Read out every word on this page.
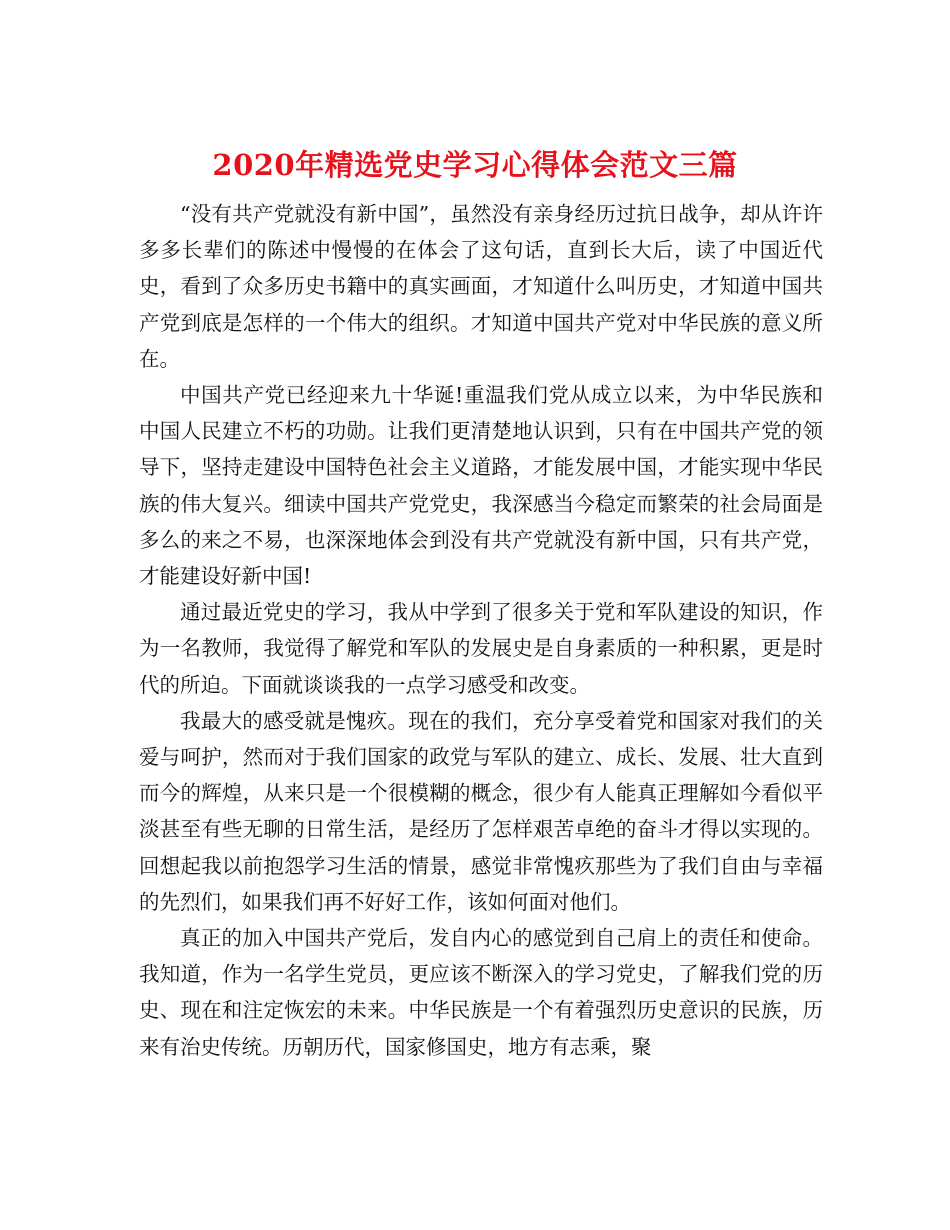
2020年精选党史学习心得体会范文三篇

“没有共产党就没有新中国”，虽然没有亲身经历过抗日战争，却从许许多多长辈们的陈述中慢慢的在体会了这句话，直到长大后，读了中国近代史，看到了众多历史书籍中的真实画面，才知道什么叫历史，才知道中国共产党到底是怎样的一个伟大的组织。才知道中国共产党对中华民族的意义所在。

中国共产党已经迎来九十华诞!重温我们党从成立以来，为中华民族和中国人民建立不朽的功勋。让我们更清楚地认识到，只有在中国共产党的领导下，坚持走建设中国特色社会主义道路，才能发展中国，才能实现中华民族的伟大复兴。细读中国共产党党史，我深感当今稳定而繁荣的社会局面是多么的来之不易，也深深地体会到没有共产党就没有新中国，只有共产党，才能建设好新中国!

通过最近党史的学习，我从中学到了很多关于党和军队建设的知识，作为一名教师，我觉得了解党和军队的发展史是自身素质的一种积累，更是时代的所迫。下面就谈谈我的一点学习感受和改变。

我最大的感受就是愧疚。现在的我们，充分享受着党和国家对我们的关爱与呵护，然而对于我们国家的政党与军队的建立、成长、发展、壮大直到而今的辉煌，从来只是一个很模糊的概念，很少有人能真正理解如今看似平淡甚至有些无聊的日常生活，是经历了怎样艰苦卓绝的奋斗才得以实现的。回想起我以前抱怨学习生活的情景，感觉非常愧疚那些为了我们自由与幸福的先烈们，如果我们再不好好工作，该如何面对他们。

真正的加入中国共产党后，发自内心的感觉到自己肩上的责任和使命。我知道，作为一名学生党员，更应该不断深入的学习党史，了解我们党的历史、现在和注定恢宏的未来。中华民族是一个有着强烈历史意识的民族，历来有治史传统。历朝历代，国家修国史，地方有志乘，聚
